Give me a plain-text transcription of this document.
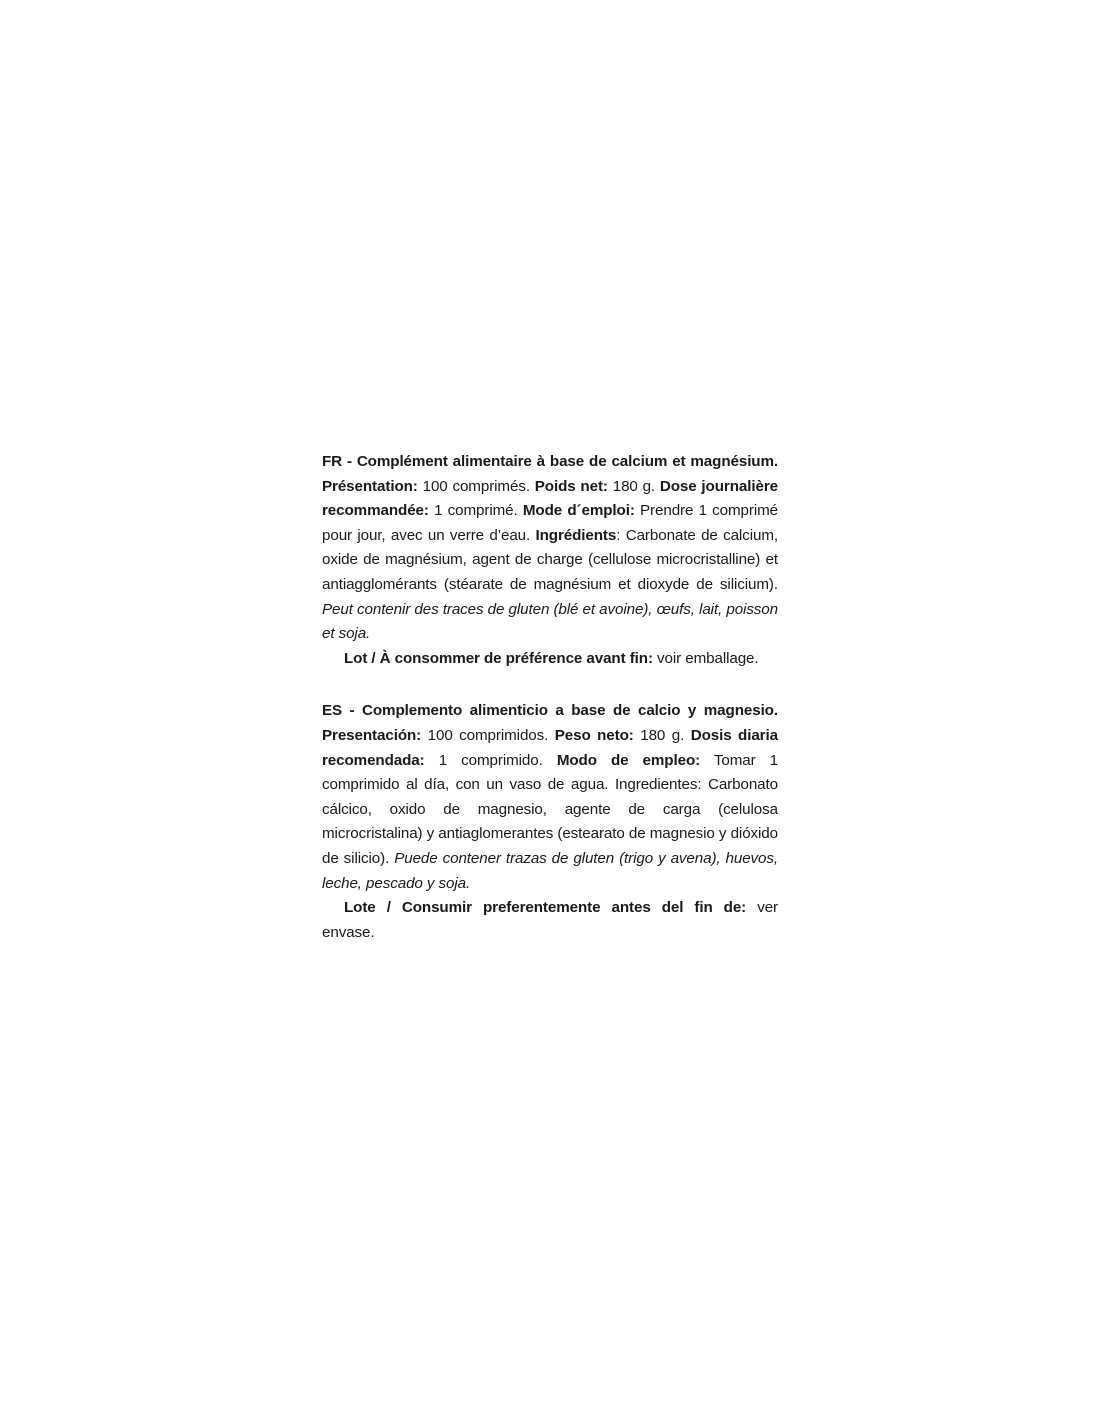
FR - Complément alimentaire à base de calcium et magnésium. Présentation: 100 comprimés. Poids net: 180 g. Dose journalière recommandée: 1 comprimé. Mode d´emploi: Prendre 1 comprimé pour jour, avec un verre d’eau. Ingrédients: Carbonate de calcium, oxide de magnésium, agent de charge (cellulose microcristalline) et antiagglomérants (stéarate de magnésium et dioxyde de silicium). Peut contenir des traces de gluten (blé et avoine), œufs, lait, poisson et soja.

Lot / À consommer de préférence avant fin: voir emballage.

ES - Complemento alimenticio a base de calcio y magnesio. Presentación: 100 comprimidos. Peso neto: 180 g. Dosis diaria recomendada: 1 comprimido. Modo de empleo: Tomar 1 comprimido al día, con un vaso de agua. Ingredientes: Carbonato cálcico, oxido de magnesio, agente de carga (celulosa microcristalina) y antiaglomerantes (estearato de magnesio y dióxido de silicio). Puede contener trazas de gluten (trigo y avena), huevos, leche, pescado y soja.

Lote / Consumir preferentemente antes del fin de: ver envase.
